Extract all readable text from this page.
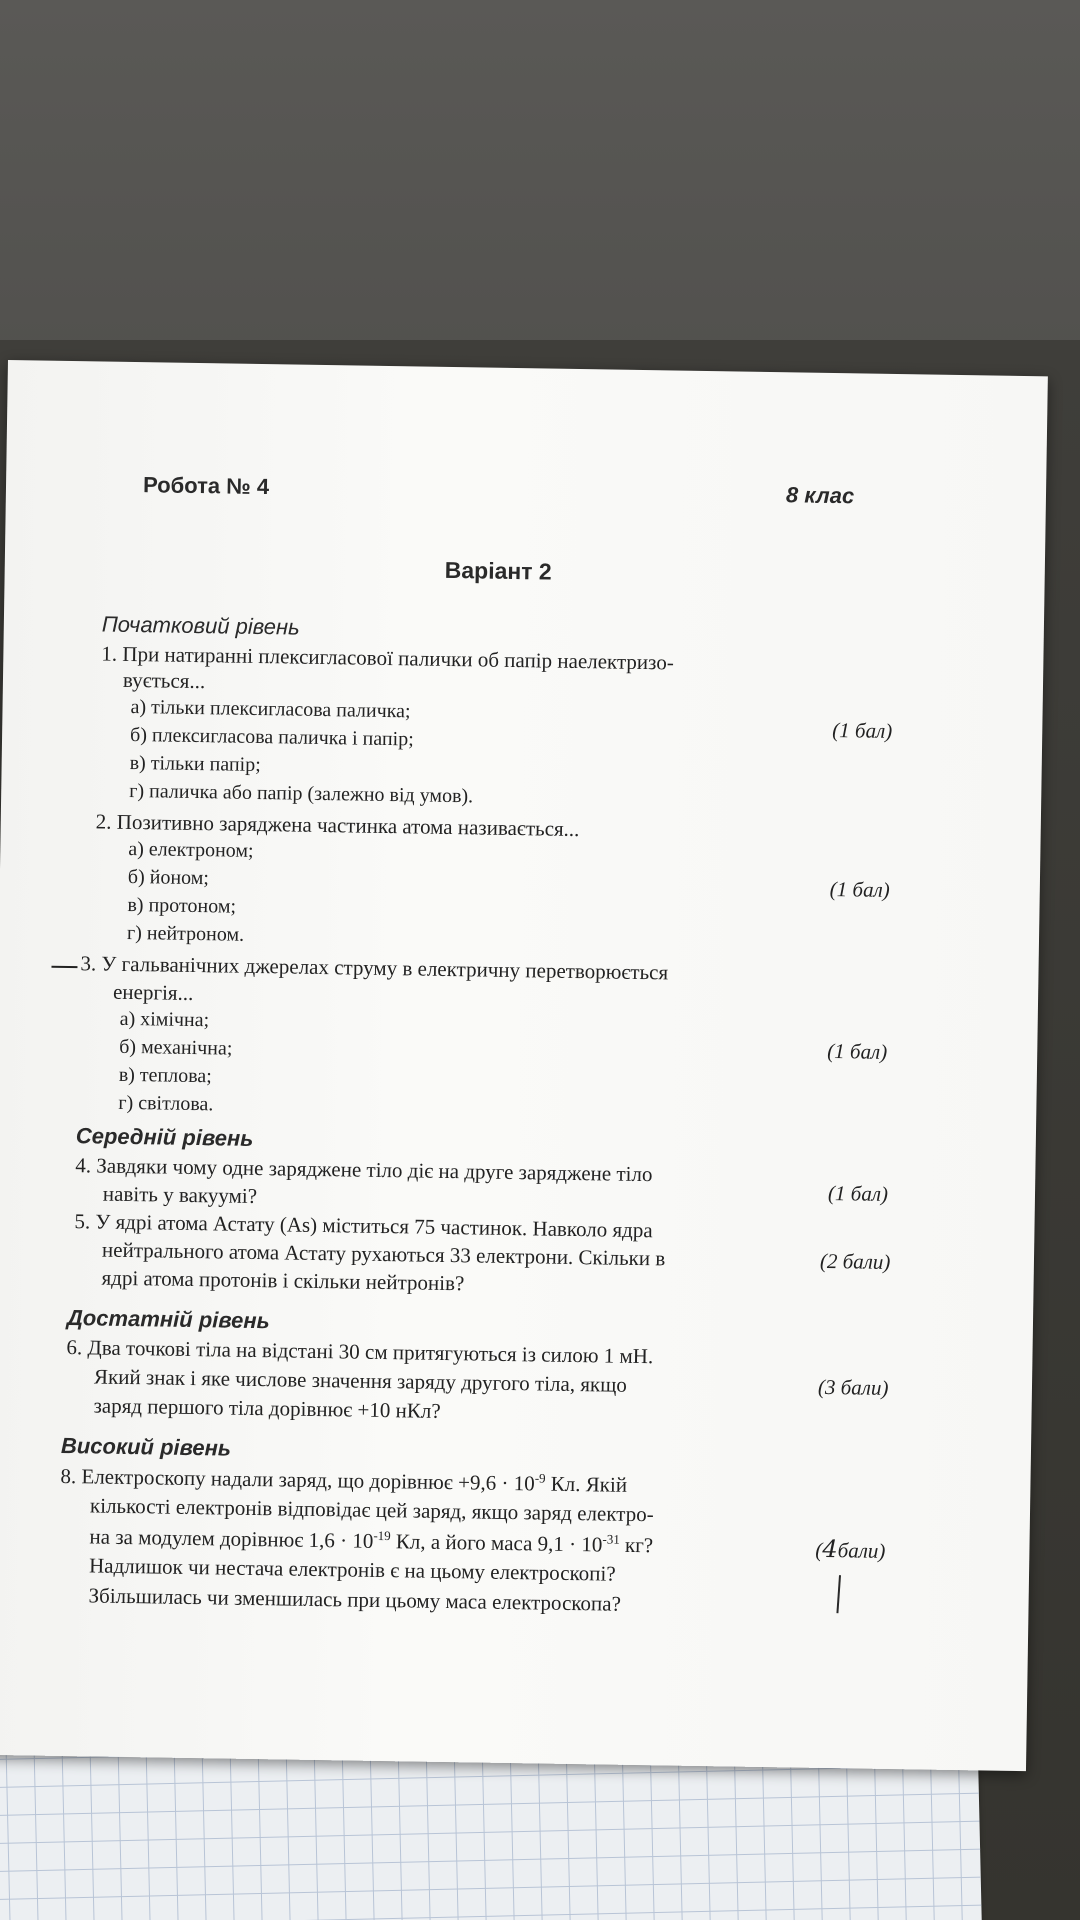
Робота № 4	8 клас
Варіант 2
Початковий рівень
1. При натиранні плексигласової палички об папір наелектризо-
вується...
а) тільки плексигласова паличка;
б) плексигласова паличка і папір;
в) тільки папір;
г) паличка або папір (залежно від умов).
(1 бал)
2. Позитивно заряджена частинка атома називається...
а) електроном;
б) йоном;
в) протоном;
г) нейтроном.
(1 бал)
3. У гальванічних джерелах струму в електричну перетворюється
енергія...
а) хімічна;
б) механічна;
в) теплова;
г) світлова.
(1 бал)
Середній рівень
4. Завдяки чому одне заряджене тіло діє на друге заряджене тіло
навіть у вакуумі?	(1 бал)
5. У ядрі атома Астату (As) міститься 75 частинок. Навколо ядра
нейтрального атома Астату рухаються 33 електрони. Скільки в
ядрі атома протонів і скільки нейтронів?
(2 бали)
Достатній рівень
6. Два точкові тіла на відстані 30 см притягуються із силою 1 мН.
Який знак і яке числове значення заряду другого тіла, якщо
заряд першого тіла дорівнює +10 нКл?
(3 бали)
Високий рівень
8. Електроскопу надали заряд, що дорівнює $+9,6 \cdot 10^{-9}$ Кл. Якій
кількості електронів відповідає цей заряд, якщо заряд електро-
на за модулем дорівнює $1,6 \cdot 10^{-19}$ Кл, а його маса $9,1 \cdot 10^{-31}$ кг?
Надлишок чи нестача електронів є на цьому електроскопі?
Збільшилась чи зменшилась при цьому маса електроскопа?
(4бали)
